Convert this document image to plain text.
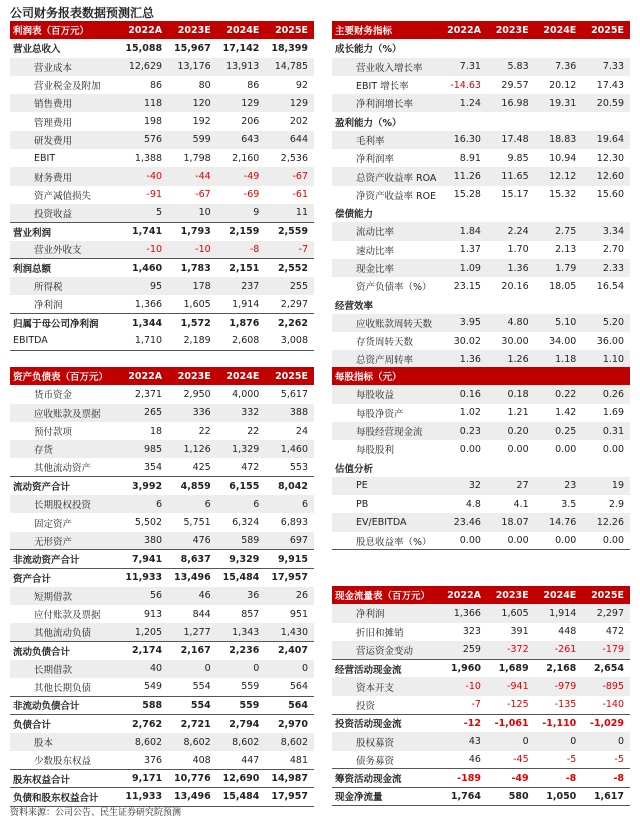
公司财务报表数据预测汇总
利润表（百万元）	2022A	2023E	2024E	2025E
营业总收入	15,088	15,967	17,142	18,399
营业成本	12,629	13,176	13,913	14,785
营业税金及附加	86	80	86	92
销售费用	118	120	129	129
管理费用	198	192	206	202
研发费用	576	599	643	644
EBIT	1,388	1,798	2,160	2,536
财务费用	-40	-44	-49	-67
资产减值损失	-91	-67	-69	-61
投资收益	5	10	9	11
营业利润	1,741	1,793	2,159	2,559
营业外收支	-10	-10	-8	-7
利润总额	1,460	1,783	2,151	2,552
所得税	95	178	237	255
净利润	1,366	1,605	1,914	2,297
归属于母公司净利润	1,344	1,572	1,876	2,262
EBITDA	1,710	2,189	2,608	3,008
主要财务指标	2022A	2023E	2024E	2025E
成长能力（%）				
营业收入增长率	7.31	5.83	7.36	7.33
EBIT 增长率	-14.63	29.57	20.12	17.43
净利润增长率	1.24	16.98	19.31	20.59
盈利能力（%）				
毛利率	16.30	17.48	18.83	19.64
净利润率	8.91	9.85	10.94	12.30
总资产收益率 ROA	11.26	11.65	12.12	12.60
净资产收益率 ROE	15.28	15.17	15.32	15.60
偿债能力				
流动比率	1.84	2.24	2.75	3.34
速动比率	1.37	1.70	2.13	2.70
现金比率	1.09	1.36	1.79	2.33
资产负债率（%）	23.15	20.16	18.05	16.54
经营效率				
应收账款周转天数	3.95	4.80	5.10	5.20
存货周转天数	30.02	30.00	34.00	36.00
总资产周转率	1.36	1.26	1.18	1.10
资产负债表（百万元）	2022A	2023E	2024E	2025E
货币资金	2,371	2,950	4,000	5,617
应收账款及票据	265	336	332	388
预付款项	18	22	22	24
存货	985	1,126	1,329	1,460
其他流动资产	354	425	472	553
流动资产合计	3,992	4,859	6,155	8,042
长期股权投资	6	6	6	6
固定资产	5,502	5,751	6,324	6,893
无形资产	380	476	589	697
非流动资产合计	7,941	8,637	9,329	9,915
资产合计	11,933	13,496	15,484	17,957
短期借款	56	46	36	26
应付账款及票据	913	844	857	951
其他流动负债	1,205	1,277	1,343	1,430
流动负债合计	2,174	2,167	2,236	2,407
长期借款	40	0	0	0
其他长期负债	549	554	559	564
非流动负债合计	588	554	559	564
负债合计	2,762	2,721	2,794	2,970
股本	8,602	8,602	8,602	8,602
少数股东权益	376	408	447	481
股东权益合计	9,171	10,776	12,690	14,987
负债和股东权益合计	11,933	13,496	15,484	17,957
每股指标（元）				
每股收益	0.16	0.18	0.22	0.26
每股净资产	1.02	1.21	1.42	1.69
每股经营现金流	0.23	0.20	0.25	0.31
每股股利	0.00	0.00	0.00	0.00
估值分析				
PE	32	27	23	19
PB	4.8	4.1	3.5	2.9
EV/EBITDA	23.46	18.07	14.76	12.26
股息收益率（%）	0.00	0.00	0.00	0.00
现金流量表（百万元）	2022A	2023E	2024E	2025E
净利润	1,366	1,605	1,914	2,297
折旧和摊销	323	391	448	472
营运资金变动	259	-372	-261	-179
经营活动现金流	1,960	1,689	2,168	2,654
资本开支	-10	-941	-979	-895
投资	-7	-125	-135	-140
投资活动现金流	-12	-1,061	-1,110	-1,029
股权募资	43	0	0	0
债务募资	46	-45	-5	-5
筹资活动现金流	-189	-49	-8	-8
现金净流量	1,764	580	1,050	1,617
资料来源：公司公告、民生证券研究院预测
